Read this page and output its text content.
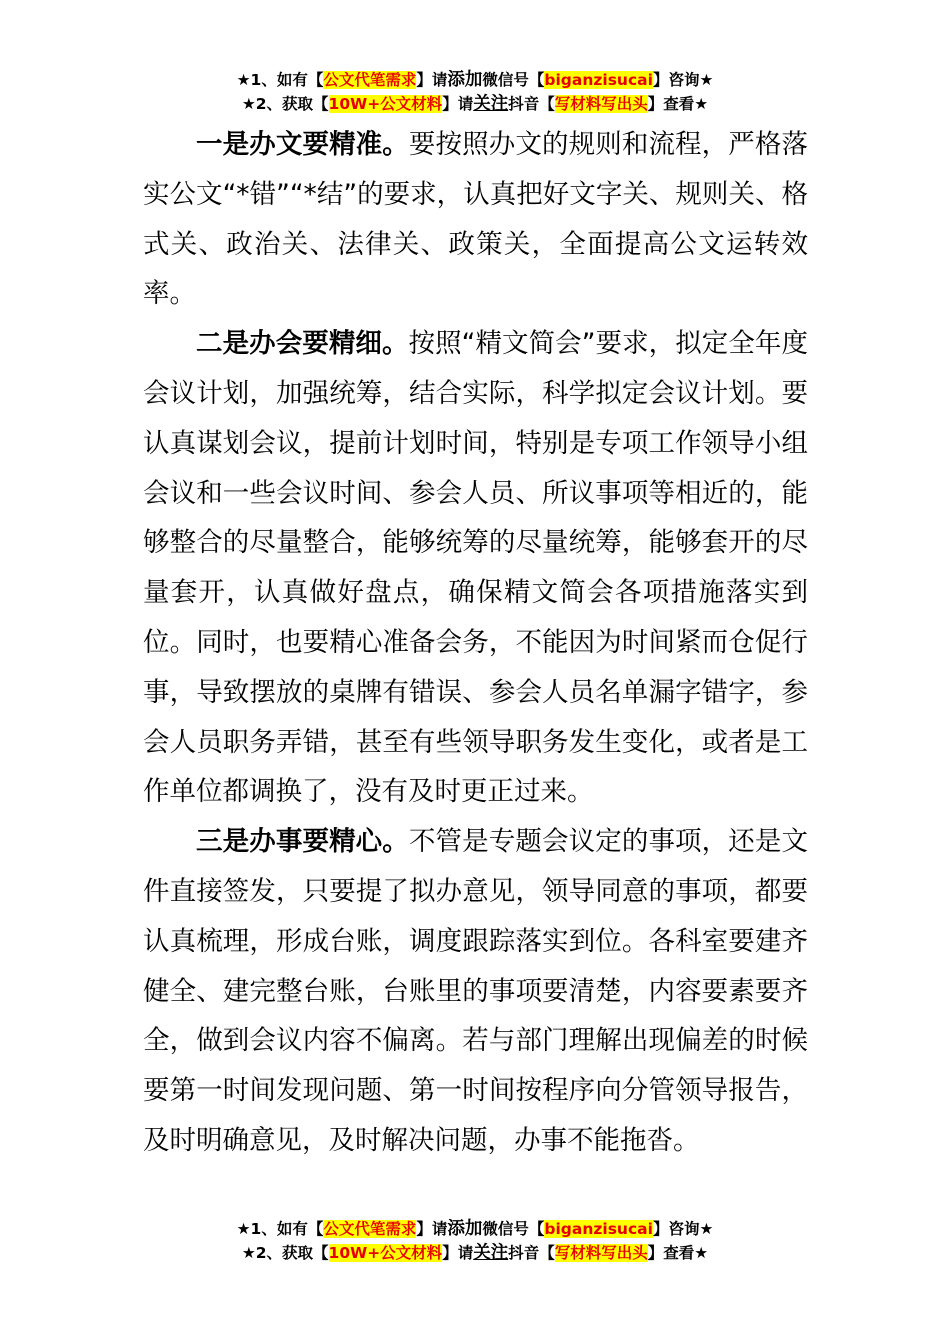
★1、如有【公文代笔需求】请添加微信号【biganzisucai】咨询★
★2、获取【10W+公文材料】请关注抖音【写材料写出头】查看★

一是办文要精准。要按照办文的规则和流程，严格落实公文“*错”“*结”的要求，认真把好文字关、规则关、格式关、政治关、法律关、政策关，全面提高公文运转效率。

二是办会要精细。按照“精文简会”要求，拟定全年度会议计划，加强统筹，结合实际，科学拟定会议计划。要认真谋划会议，提前计划时间，特别是专项工作领导小组会议和一些会议时间、参会人员、所议事项等相近的，能够整合的尽量整合，能够统筹的尽量统筹，能够套开的尽量套开，认真做好盘点，确保精文简会各项措施落实到位。同时，也要精心准备会务，不能因为时间紧而仓促行事，导致摆放的桌牌有错误、参会人员名单漏字错字，参会人员职务弄错，甚至有些领导职务发生变化，或者是工作单位都调换了，没有及时更正过来。

三是办事要精心。不管是专题会议定的事项，还是文件直接签发，只要提了拟办意见，领导同意的事项，都要认真梳理，形成台账，调度跟踪落实到位。各科室要建齐健全、建完整台账，台账里的事项要清楚，内容要素要齐全，做到会议内容不偏离。若与部门理解出现偏差的时候要第一时间发现问题、第一时间按程序向分管领导报告，及时明确意见，及时解决问题，办事不能拖沓。

★1、如有【公文代笔需求】请添加微信号【biganzisucai】咨询★
★2、获取【10W+公文材料】请关注抖音【写材料写出头】查看★
